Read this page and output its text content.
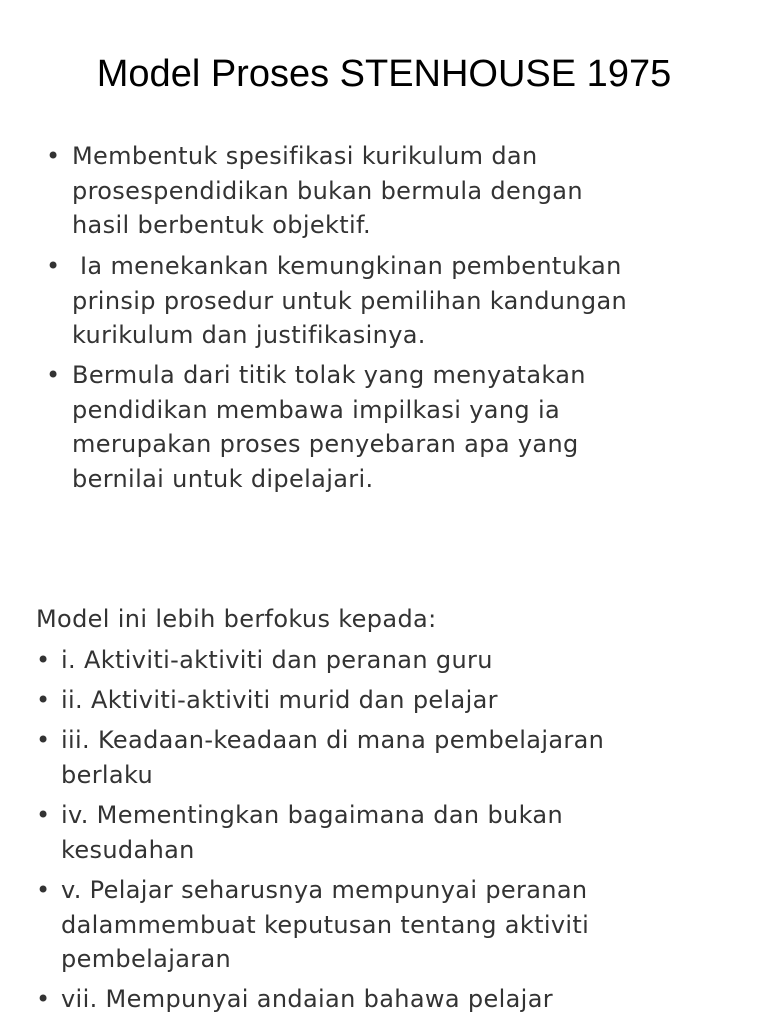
Model Proses STENHOUSE 1975
• Membentuk spesifikasi kurikulum dan
prosespendidikan bukan bermula dengan
hasil berbentuk objektif.
• Ia menekankan kemungkinan pembentukan
prinsip prosedur untuk pemilihan kandungan
kurikulum dan justifikasinya.
• Bermula dari titik tolak yang menyatakan
pendidikan membawa impilkasi yang ia
merupakan proses penyebaran apa yang
bernilai untuk dipelajari.

Model ini lebih berfokus kepada:

• i. Aktiviti-aktiviti dan peranan guru
• ii. Aktiviti-aktiviti murid dan pelajar
• iii. Keadaan-keadaan di mana pembelajaran
berlaku
• iv. Mementingkan bagaimana dan bukan
kesudahan
• v. Pelajar seharusnya mempunyai peranan
dalammembuat keputusan tentang aktiviti
pembelajaran
• vii. Mempunyai andaian bahawa pelajar
